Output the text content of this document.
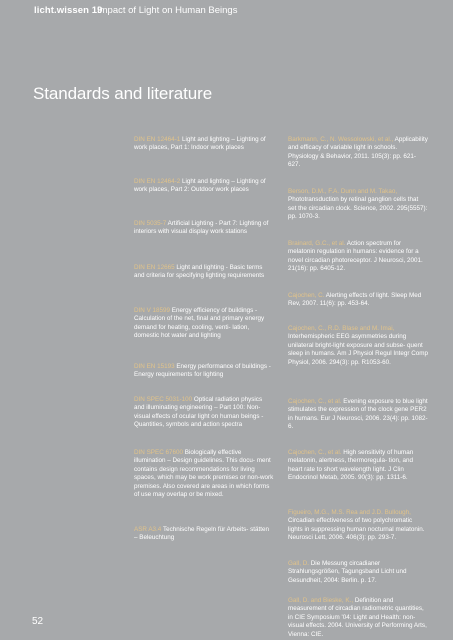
licht.wissen 19
Impact of Light on Human Beings
Standards and literature
DIN EN 12464-1 Light and lighting – Lighting of work places, Part 1: Indoor work places
DIN EN 12464-2 Light and lighting – Lighting of work places, Part 2: Outdoor work places
DIN 5035-7 Artificial Lighting - Part 7: Lighting of interiors with visual display work stations
DIN EN 12665 Light and lighting - Basic terms and criteria for specifying lighting requirements
DIN V 18599 Energy efficiency of buildings - Calculation of the net, final and primary energy demand for heating, cooling, venti- lation, domestic hot water and lighting
DIN EN 15193 Energy performance of buildings - Energy requirements for lighting
DIN SPEC 5031-100 Optical radiation physics and illuminating engineering – Part 100: Non-visual effects of ocular light on human beings - Quantities, symbols and action spectra
DIN SPEC 67600 Biologically effective illumination – Design guidelines. This docu- ment contains design recommendations for living spaces, which may be work premises or non-work premises. Also covered are areas in which forms of use may overlap or be mixed.
ASR A3.4 Technische Regeln für Arbeits- stätten – Beleuchtung
Barkmann, C., N. Wessolowski, et al., Applicability and efficacy of variable light in schools. Physiology & Behavior, 2011. 105(3): pp. 621-627.
Berson, D.M., F.A. Dunn and M. Takao, Phototransduction by retinal ganglion cells that set the circadian clock. Science, 2002. 295(5557): pp. 1070-3.
Brainard, G.C., et al. Action spectrum for melatonin regulation in humans: evidence for a novel circadian photoreceptor. J Neurosci, 2001. 21(16): pp. 6405-12.
Cajochen, C. Alerting effects of light. Sleep Med Rev, 2007. 11(6): pp. 453-64.
Cajochen, C., R.D. Blase and M. Imai, Interhemispheric EEG asymmetries during unilateral bright-light exposure and subse- quent sleep in humans. Am J Physiol Regul Integr Comp Physiol, 2006. 294(3): pp. R1053-60.
Cajochen, C., et al. Evening exposure to blue light stimulates the expression of the clock gene PER2 in humans. Eur J Neurosci, 2006. 23(4): pp. 1082-6.
Cajochen, C., et al. High sensitivity of human melatonin, alertness, thermoregula- tion, and heart rate to short wavelength light. J Clin Endocrinol Metab, 2005. 90(3): pp. 1311-6.
Figueiro, M.G., M.S. Rea and J.D. Bullough, Circadian effectiveness of two polychromatic lights in suppressing human nocturnal melatonin. Neurosci Lett, 2006. 406(3): pp. 293-7.
Gall, D. Die Messung circadianer Strahlungsgrößen, Tagungsband Licht und Gesundheit, 2004: Berlin. p. 17.
Gall, D. and Bieske, K., Definition and measurement of circadian radiometric quantities, in CIE Symposium '04: Light and Health: non-visual effects. 2004. University of Performing Arts, Vienna: CIE.
52
